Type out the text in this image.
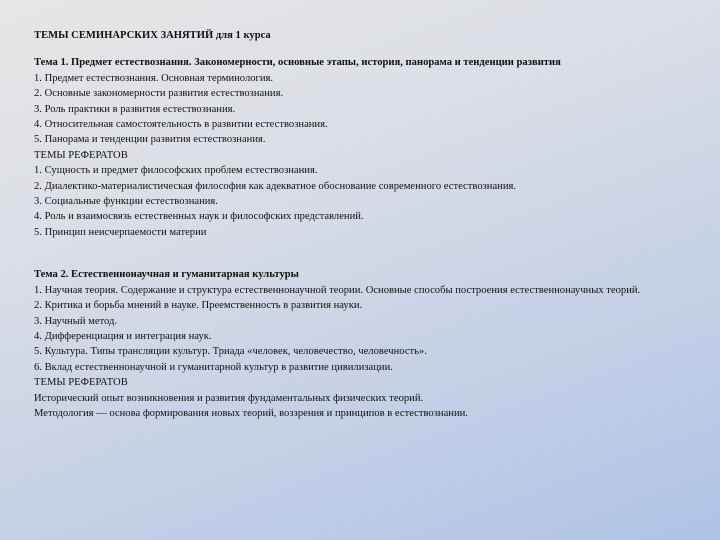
ТЕМЫ СЕМИНАРСКИХ ЗАНЯТИЙ для 1 курса
Тема 1. Предмет естествознания. Закономерности, основные этапы, история, панорама и тенденции развития
1. Предмет естествознания. Основная терминология.
2. Основные закономерности развития естествознания.
3. Роль практики в развития естествознания.
4. Относительная самостоятельность в развитии естествознания.
5. Панорама и тенденции развития естествознания.
ТЕМЫ РЕФЕРАТОВ
1. Сущность и предмет философских проблем естествознания.
2. Диалектико-материалистическая философия как адекватное обоснование современного естествознания.
3. Социальные функции естествознания.
4. Роль и взаимосвязь естественных наук и философских представлений.
5. Принцип неисчерпаемости материи
Тема 2. Естественнонаучная и гуманитарная культуры
1. Научная теория. Содержание и структура естественнонаучной теории. Основные способы построения естественнонаучных теорий.
2. Критика и борьба мнений в науке. Преемственность в развития науки.
3. Научный метод.
4. Дифференциация и интеграция наук.
5. Культура. Типы трансляции культур. Триада «человек, человечество, человечность».
6. Вклад естественнонаучной и гуманитарной культур в развитие цивилизации.
ТЕМЫ РЕФЕРАТОВ
Исторический опыт возникновения и развития фундаментальных физических теорий.
Методология — основа формирования новых теорий, воззрения и принципов в естествознании.
